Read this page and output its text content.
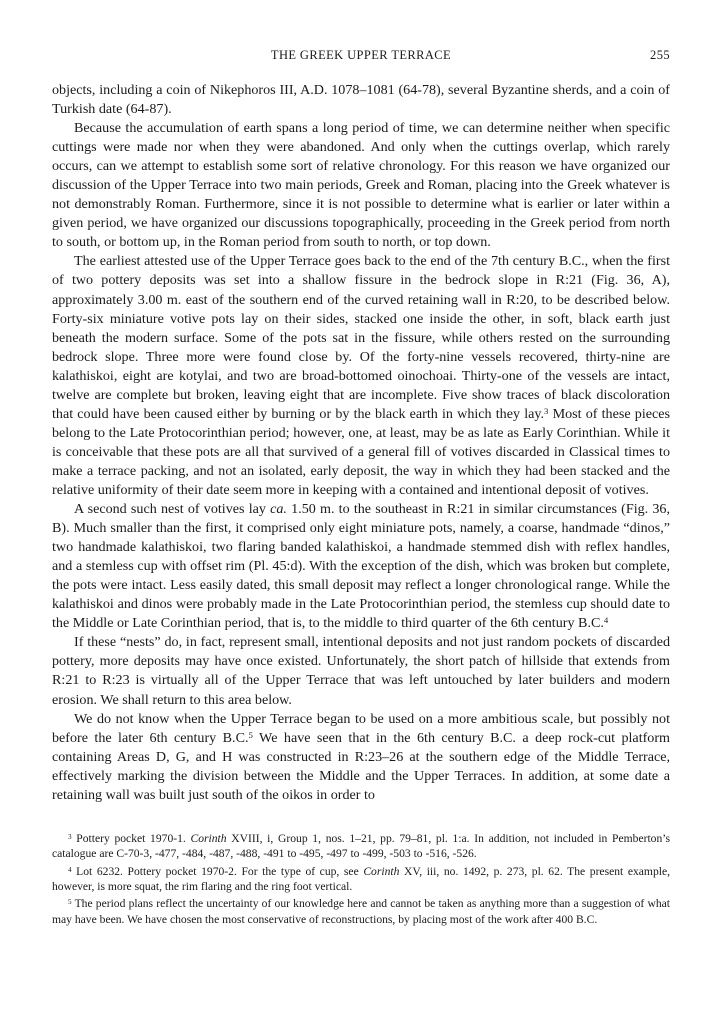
THE GREEK UPPER TERRACE	255

objects, including a coin of Nikephoros III, A.D. 1078–1081 (64-78), several Byzantine sherds, and a coin of Turkish date (64-87).

Because the accumulation of earth spans a long period of time, we can determine neither when specific cuttings were made nor when they were abandoned. And only when the cuttings overlap, which rarely occurs, can we attempt to establish some sort of relative chronology. For this reason we have organized our discussion of the Upper Terrace into two main periods, Greek and Roman, placing into the Greek whatever is not demonstrably Roman. Furthermore, since it is not possible to determine what is earlier or later within a given period, we have organized our discussions topographically, proceeding in the Greek period from north to south, or bottom up, in the Roman period from south to north, or top down.

The earliest attested use of the Upper Terrace goes back to the end of the 7th century B.C., when the first of two pottery deposits was set into a shallow fissure in the bedrock slope in R:21 (Fig. 36, A), approximately 3.00 m. east of the southern end of the curved retaining wall in R:20, to be described below. Forty-six miniature votive pots lay on their sides, stacked one inside the other, in soft, black earth just beneath the modern surface. Some of the pots sat in the fissure, while others rested on the surrounding bedrock slope. Three more were found close by. Of the forty-nine vessels recovered, thirty-nine are kalathiskoi, eight are kotylai, and two are broad-bottomed oinochoai. Thirty-one of the vessels are intact, twelve are complete but broken, leaving eight that are incomplete. Five show traces of black discoloration that could have been caused either by burning or by the black earth in which they lay.$^3$ Most of these pieces belong to the Late Protocorinthian period; however, one, at least, may be as late as Early Corinthian. While it is conceivable that these pots are all that survived of a general fill of votives discarded in Classical times to make a terrace packing, and not an isolated, early deposit, the way in which they had been stacked and the relative uniformity of their date seem more in keeping with a contained and intentional deposit of votives.

A second such nest of votives lay ca. 1.50 m. to the southeast in R:21 in similar circumstances (Fig. 36, B). Much smaller than the first, it comprised only eight miniature pots, namely, a coarse, handmade “dinos,” two handmade kalathiskoi, two flaring banded kalathiskoi, a handmade stemmed dish with reflex handles, and a stemless cup with offset rim (Pl. 45:d). With the exception of the dish, which was broken but complete, the pots were intact. Less easily dated, this small deposit may reflect a longer chronological range. While the kalathiskoi and dinos were probably made in the Late Protocorinthian period, the stemless cup should date to the Middle or Late Corinthian period, that is, to the middle to third quarter of the 6th century B.C.$^4$

If these “nests” do, in fact, represent small, intentional deposits and not just random pockets of discarded pottery, more deposits may have once existed. Unfortunately, the short patch of hillside that extends from R:21 to R:23 is virtually all of the Upper Terrace that was left untouched by later builders and modern erosion. We shall return to this area below.

We do not know when the Upper Terrace began to be used on a more ambitious scale, but possibly not before the later 6th century B.C.$^5$ We have seen that in the 6th century B.C. a deep rock-cut platform containing Areas D, G, and H was constructed in R:23–26 at the southern edge of the Middle Terrace, effectively marking the division between the Middle and the Upper Terraces. In addition, at some date a retaining wall was built just south of the oikos in order to

$^3$ Pottery pocket 1970-1. Corinth XVIII, i, Group 1, nos. 1–21, pp. 79–81, pl. 1:a. In addition, not included in Pemberton’s catalogue are C-70-3, -477, -484, -487, -488, -491 to -495, -497 to -499, -503 to -516, -526.

$^4$ Lot 6232. Pottery pocket 1970-2. For the type of cup, see Corinth XV, iii, no. 1492, p. 273, pl. 62. The present example, however, is more squat, the rim flaring and the ring foot vertical.

$^5$ The period plans reflect the uncertainty of our knowledge here and cannot be taken as anything more than a suggestion of what may have been. We have chosen the most conservative of reconstructions, by placing most of the work after 400 B.C.
